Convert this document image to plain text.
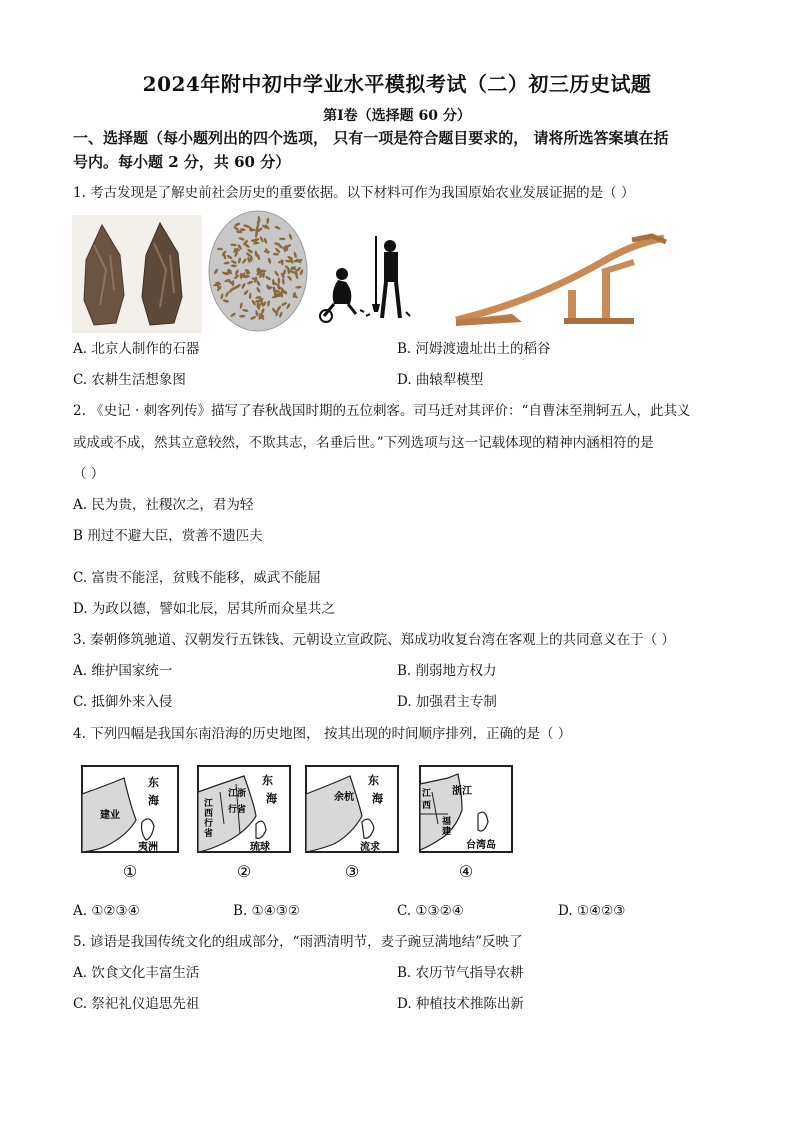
2024年附中初中学业水平模拟考试（二）初三历史试题
第Ⅰ卷（选择题 60 分）
一、选择题（每小题列出的四个选项， 只有一项是符合题目要求的， 请将所选答案填在括
号内。每小题 2 分，共 60 分）
1. 考古发现是了解史前社会历史的重要依据。以下材料可作为我国原始农业发展证据的是（ ）
A. 北京人制作的石器	B. 河姆渡遗址出土的稻谷
C. 农耕生活想象图	D. 曲辕犁模型
2. 《史记 · 刺客列传》描写了春秋战国时期的五位刺客。司马迁对其评价：“自曹沫至荆轲五人，此其义
或成或不成，然其立意较然，不欺其志，名垂后世。”下列选项与这一记载体现的精神内涵相符的是
（ ）
A. 民为贵，社稷次之，君为轻
B 刑过不避大臣，赏善不遗匹夫
C. 富贵不能淫，贫贱不能移，威武不能屈
D. 为政以德，譬如北辰，居其所而众星共之
3. 秦朝修筑驰道、汉朝发行五铢钱、元朝设立宣政院、郑成功收复台湾在客观上的共同意义在于（ ）
A. 维护国家统一	B. 削弱地方权力
C. 抵御外来入侵	D. 加强君主专制
4. 下列四幅是我国东南沿海的历史地图， 按其出现的时间顺序排列，正确的是（ ）
东
海
建业
夷洲
①
东
海
江
西
行
省
江浙
行省
琉球
②
东
海
余杭
流求
③
浙江
江
西
福
建
台湾岛
④
A. ①②③④	B. ①④③②	C. ①③②④	D. ①④②③
5. 谚语是我国传统文化的组成部分，“雨洒清明节，麦子豌豆满地结”反映了
A. 饮食文化丰富生活	B. 农历节气指导农耕
C. 祭祀礼仪追思先祖	D. 种植技术推陈出新
